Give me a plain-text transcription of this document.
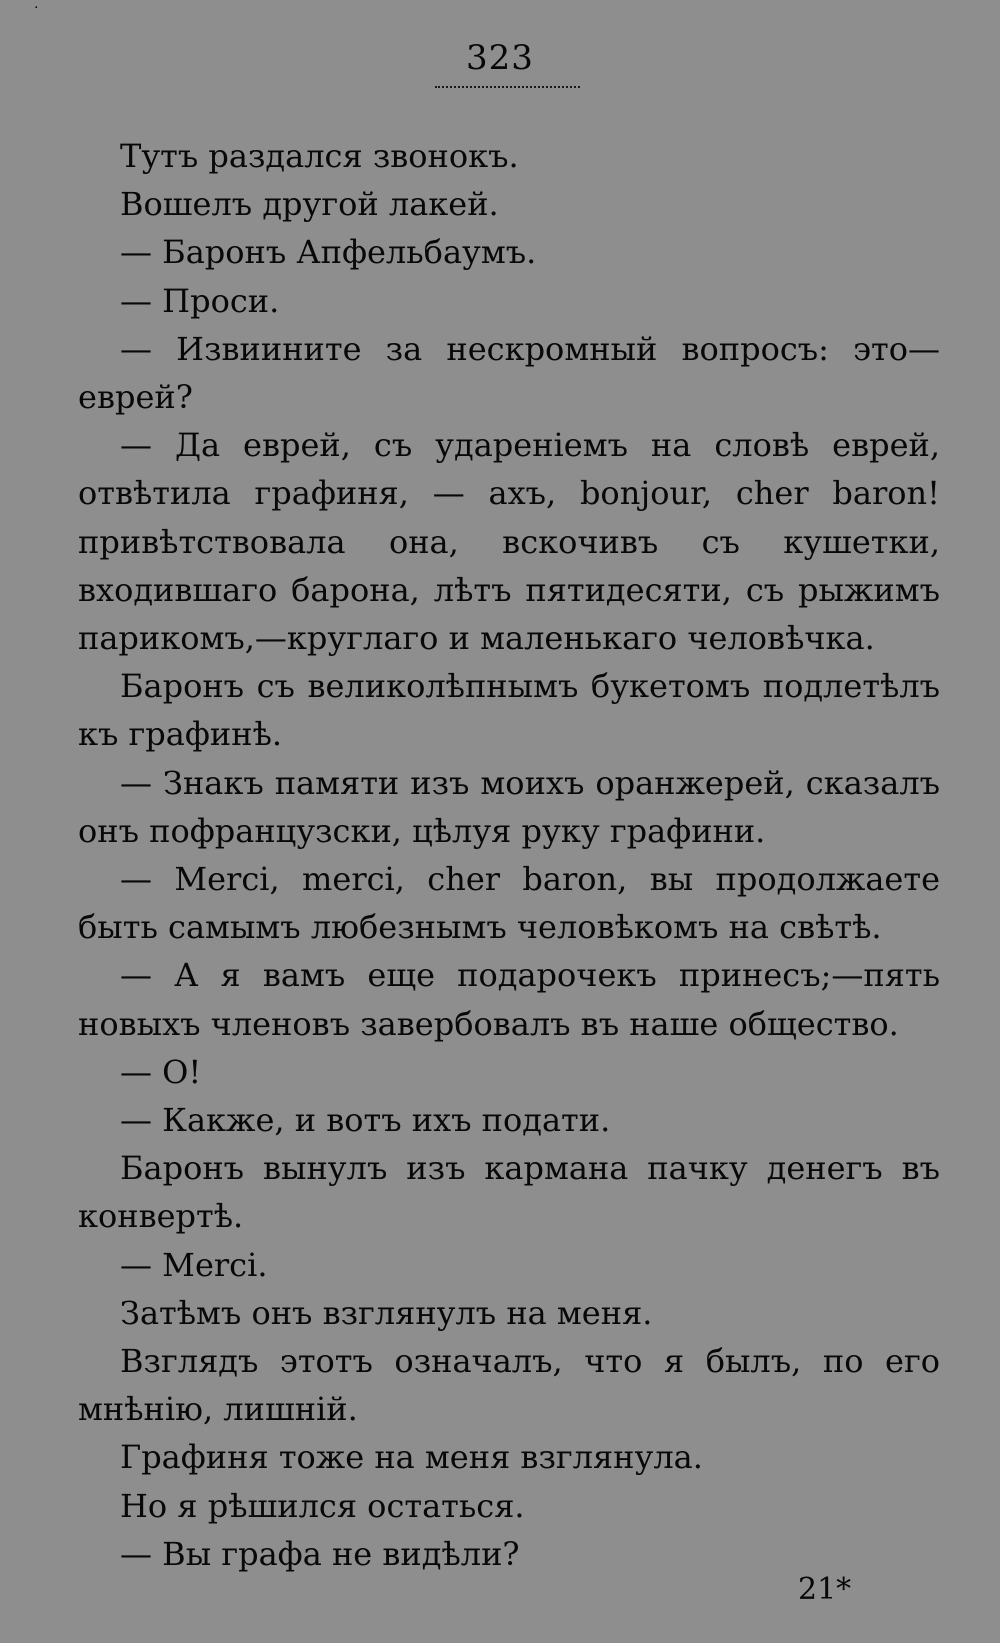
·
323

Тутъ раздался звонокъ.

Вошелъ другой лакей.

— Баронъ Апфельбаумъ.

— Проси.

— Извиините за нескромный вопросъ: это— еврей?

— Да еврей, съ удареніемъ на словѣ еврей, отвѣтила графиня, — ахъ, bonjour, cher baron! привѣтствовала она, вскочивъ съ кушетки, входившаго барона, лѣтъ пятидесяти, съ рыжимъ парикомъ,—круглаго и маленькаго человѣчка.

Баронъ съ великолѣпнымъ букетомъ подлетѣлъ къ графинѣ.

— Знакъ памяти изъ моихъ оранжерей, сказалъ онъ пофранцузски, цѣлуя руку графини.

— Merci, merci, cher baron, вы продолжаете быть самымъ любезнымъ человѣкомъ на свѣтѣ.

— А я вамъ еще подарочекъ принесъ;—пять новыхъ членовъ завербовалъ въ наше общество.

— О!

— Какже, и вотъ ихъ подати.

Баронъ вынулъ изъ кармана пачку денегъ въ конвертѣ.

— Merci.

Затѣмъ онъ взглянулъ на меня.

Взглядъ этотъ означалъ, что я былъ, по его мнѣнію, лишній.

Графиня тоже на меня взглянула.

Но я рѣшился остаться.

— Вы графа не видѣли?

21*
